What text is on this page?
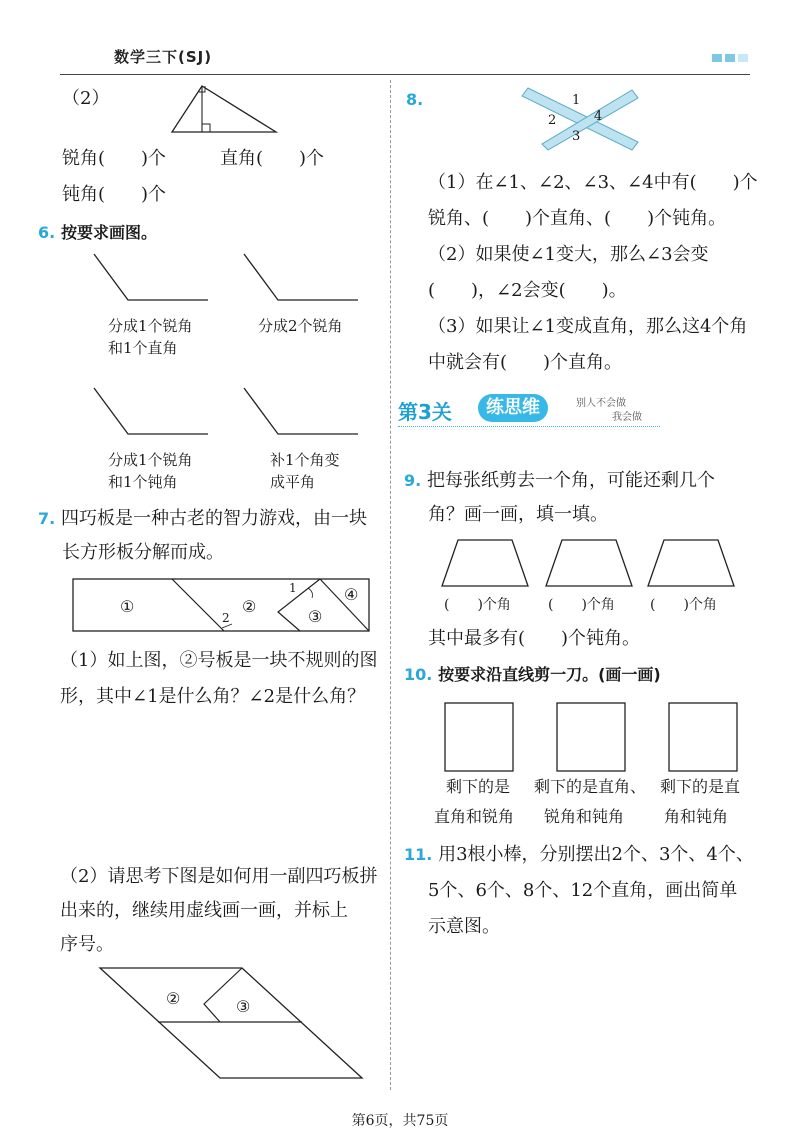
数学三下(SJ)
（2）
锐角(　　)个	直角(　　)个
钝角(　　)个
6. 按要求画图。
分成1个锐角
和1个直角
分成2个锐角
分成1个锐角
和1个钝角
补1个角变
成平角
7. 四巧板是一种古老的智力游戏，由一块
长方形板分解而成。
①	②
③
④
1
2
（1）如上图，②号板是一块不规则的图
形，其中∠1是什么角？∠2是什么角？
（2）请思考下图是如何用一副四巧板拼
出来的，继续用虚线画一画，并标上
序号。
②	③
8.	1
2
3
4
（1）在∠1、∠2、∠3、∠4中有(　　)个
锐角、(　　)个直角、(　　)个钝角。
（2）如果使∠1变大，那么∠3会变
(　　)，∠2会变(　　)。
（3）如果让∠1变成直角，那么这4个角
中就会有(　　)个直角。
第3关	练思维	别人不会做
我会做
9. 把每张纸剪去一个角，可能还剩几个
角？画一画，填一填。
(　　)个角	(　　)个角	(　　)个角
其中最多有(　　)个钝角。
10. 按要求沿直线剪一刀。(画一画)
剩下的是
直角和锐角
剩下的是直角、
锐角和钝角
剩下的是直
角和钝角
11. 用3根小棒，分别摆出2个、3个、4个、
5个、6个、8个、12个直角，画出简单
示意图。
第6页，共75页
